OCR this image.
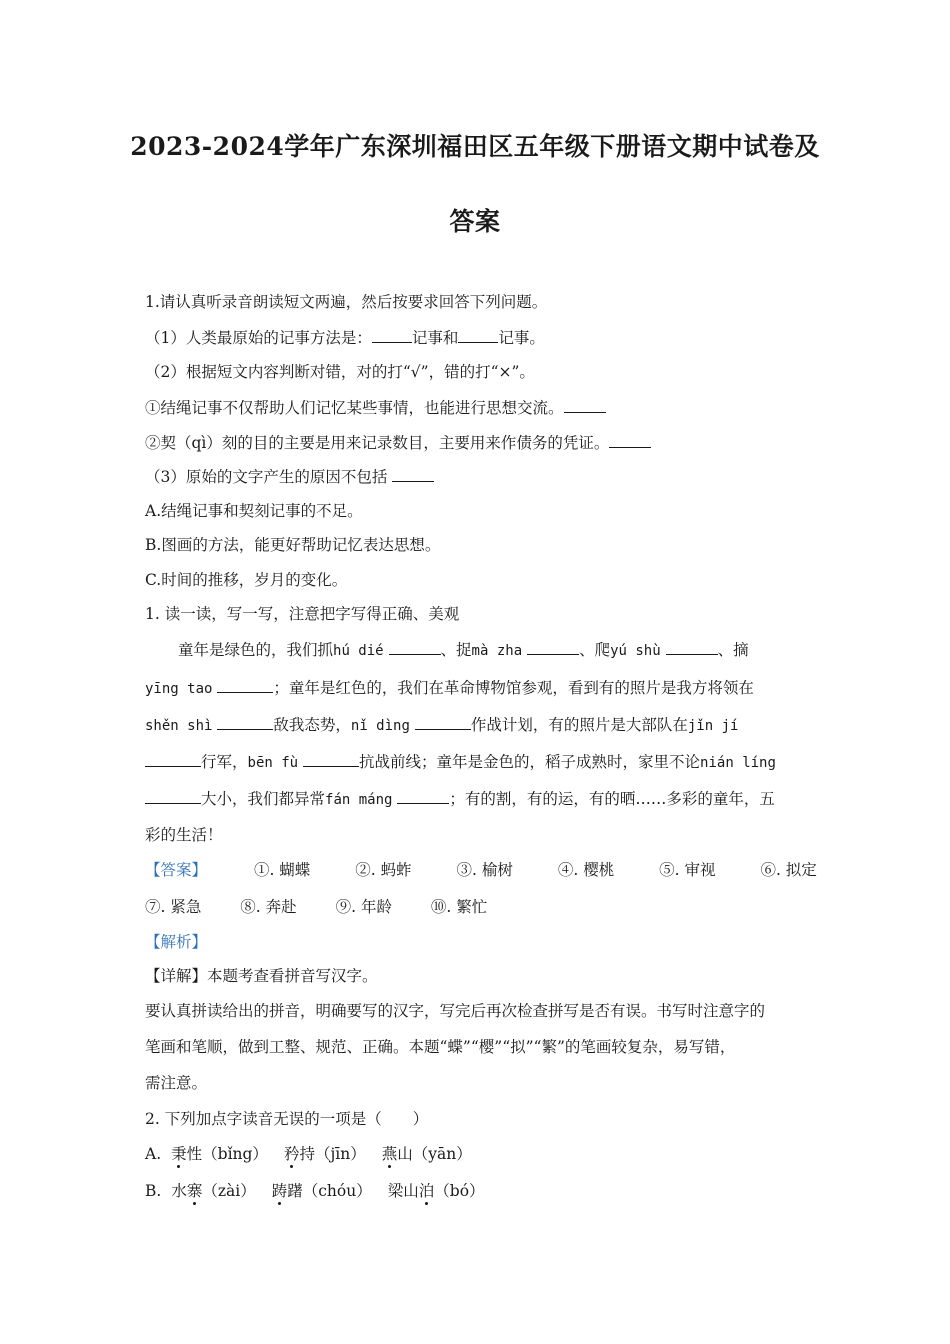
2023-2024学年广东深圳福田区五年级下册语文期中试卷及
答案
1.请认真听录音朗读短文两遍，然后按要求回答下列问题。
（1）人类最原始的记事方法是：	记事和	记事。
（2）根据短文内容判断对错，对的打“√”，错的打“×”。
①结绳记事不仅帮助人们记忆某些事情，也能进行思想交流。
②契（qì）刻的目的主要是用来记录数目，主要用来作债务的凭证。
（3）原始的文字产生的原因不包括
A.结绳记事和契刻记事的不足。
B.图画的方法，能更好帮助记忆表达思想。
C.时间的推移，岁月的变化。
1. 读一读，写一写，注意把字写得正确、美观
童年是绿色的，我们抓hú dié	、捉mà zha	、爬yú shù	、摘
yīng tao	；童年是红色的，我们在革命博物馆参观，看到有的照片是我方将领在
shěn shì	敌我态势，nǐ dìng	作战计划，有的照片是大部队在jǐn jí
行军，bēn fù	抗战前线；童年是金色的，稻子成熟时，家里不论nián líng
大小，我们都异常fán máng	；有的割，有的运，有的晒……多彩的童年，五
彩的生活！
【答案】	①. 蝴蝶	②. 蚂蚱	③. 榆树	④. 樱桃	⑤. 审视	⑥. 拟定
⑦. 紧急	⑧. 奔赴	⑨. 年龄	⑩. 繁忙
【解析】
【详解】本题考查看拼音写汉字。
要认真拼读给出的拼音，明确要写的汉字，写完后再次检查拼写是否有误。书写时注意字的
笔画和笔顺，做到工整、规范、正确。本题“蝶”“樱”“拟”“繁”的笔画较复杂，易写错，
需注意。
2. 下列加点字读音无误的一项是（　　）
A. 秉性（bǐng） 矜持（jīn） 燕山（yān）
B. 水寨（zài） 踌躇（chóu） 梁山泊（bó）
